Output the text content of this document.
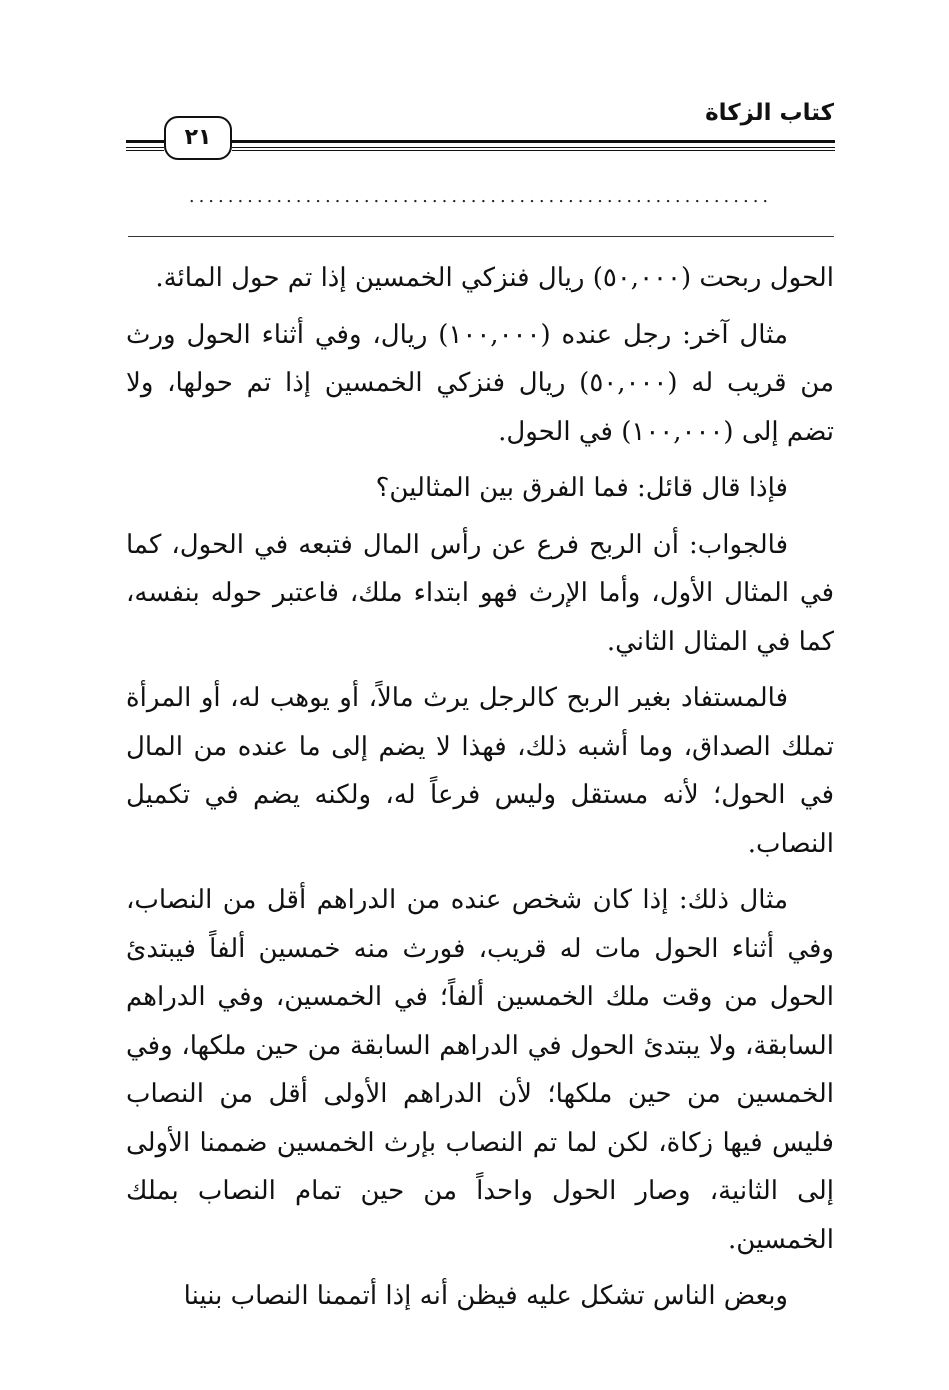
كتاب الزكاة
٢١
............................................................

الحول ربحت (٥٠,٠٠٠) ريال فنزكي الخمسين إذا تم حول المائة.

مثال آخر: رجل عنده (١٠٠,٠٠٠) ريال، وفي أثناء الحول ورث من قريب له (٥٠,٠٠٠) ريال فنزكي الخمسين إذا تم حولها، ولا تضم إلى (١٠٠,٠٠٠) في الحول.

فإذا قال قائل: فما الفرق بين المثالين؟

فالجواب: أن الربح فرع عن رأس المال فتبعه في الحول، كما في المثال الأول، وأما الإرث فهو ابتداء ملك، فاعتبر حوله بنفسه، كما في المثال الثاني.

فالمستفاد بغير الربح كالرجل يرث مالاً، أو يوهب له، أو المرأة تملك الصداق، وما أشبه ذلك، فهذا لا يضم إلى ما عنده من المال في الحول؛ لأنه مستقل وليس فرعاً له، ولكنه يضم في تكميل النصاب.

مثال ذلك: إذا كان شخص عنده من الدراهم أقل من النصاب، وفي أثناء الحول مات له قريب، فورث منه خمسين ألفاً فيبتدئ الحول من وقت ملك الخمسين ألفاً؛ في الخمسين، وفي الدراهم السابقة، ولا يبتدئ الحول في الدراهم السابقة من حين ملكها، وفي الخمسين من حين ملكها؛ لأن الدراهم الأولى أقل من النصاب فليس فيها زكاة، لكن لما تم النصاب بإرث الخمسين ضممنا الأولى إلى الثانية، وصار الحول واحداً من حين تمام النصاب بملك الخمسين.

وبعض الناس تشكل عليه فيظن أنه إذا أتممنا النصاب بنينا
